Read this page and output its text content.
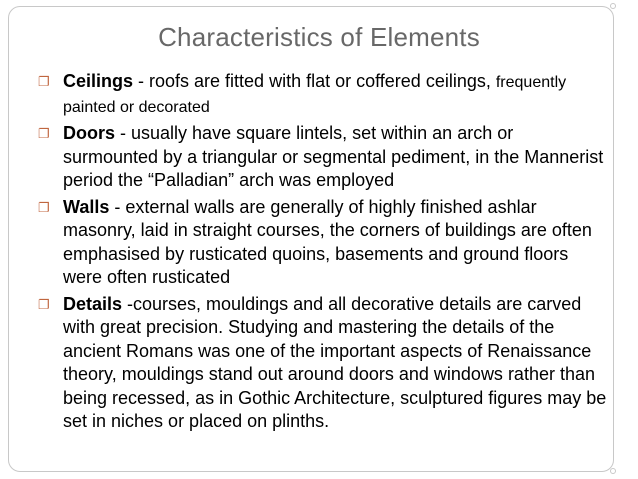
Characteristics of Elements
❐ Ceilings - roofs are fitted with flat or coffered ceilings, frequently painted or decorated
❐ Doors - usually have square lintels, set within an arch or surmounted by a triangular or segmental pediment, in the Mannerist period the “Palladian” arch was employed
❐ Walls - external walls are generally of highly finished ashlar masonry, laid in straight courses, the corners of buildings are often emphasised by rusticated quoins, basements and ground floors were often rusticated
❐ Details -courses, mouldings and all decorative details are carved with great precision. Studying and mastering the details of the ancient Romans was one of the important aspects of Renaissance theory, mouldings stand out around doors and windows rather than being recessed, as in Gothic Architecture, sculptured figures may be set in niches or placed on plinths.
